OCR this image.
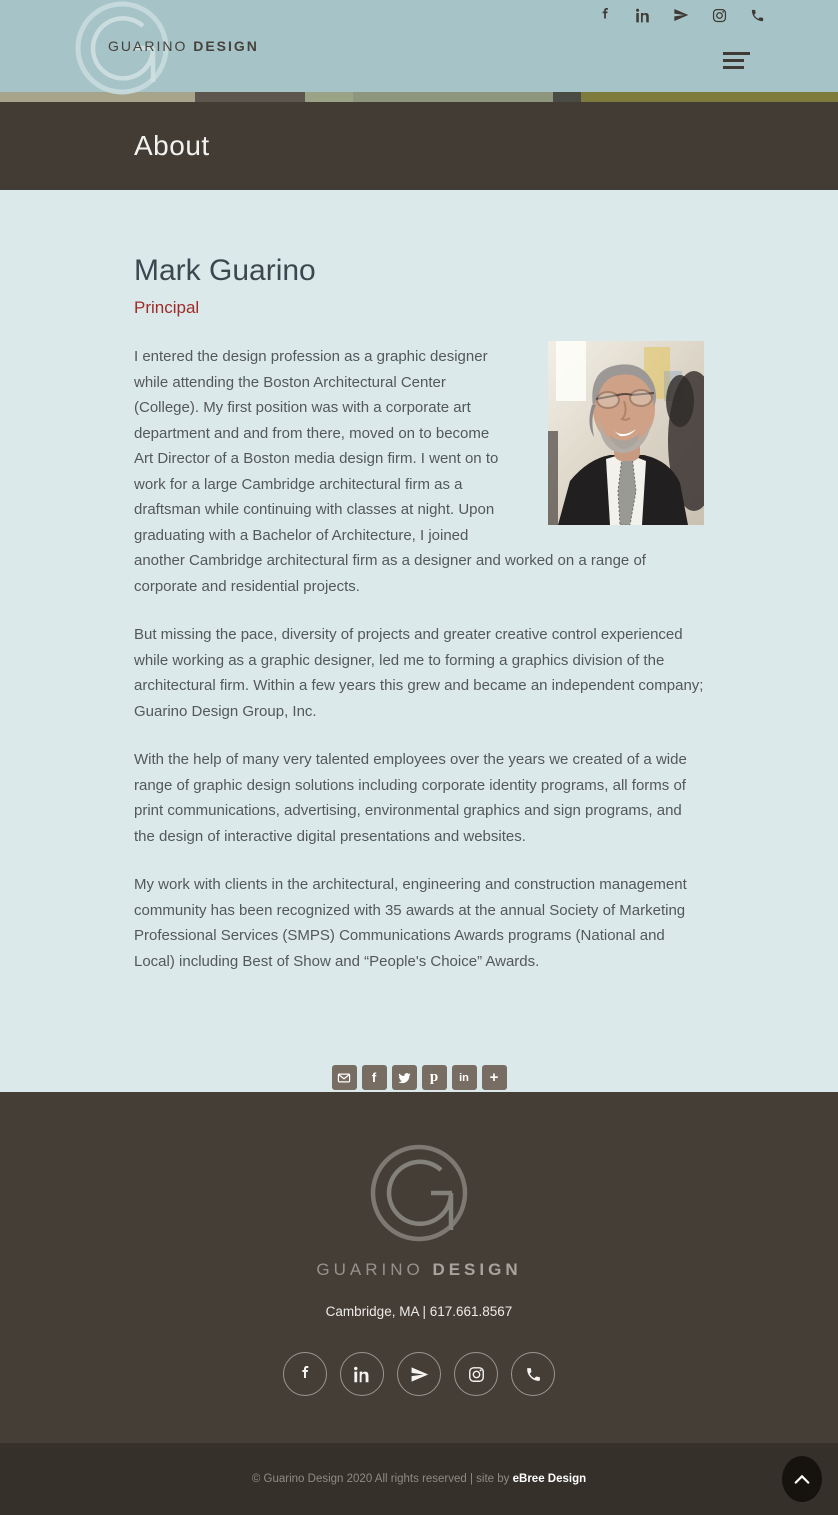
GUARINO DESIGN
About
Mark Guarino
Principal

I entered the design profession as a graphic designer while attending the Boston Architectural Center (College). My first position was with a corporate art department and and from there, moved on to become Art Director of a Boston media design firm. I went on to work for a large Cambridge architectural firm as a draftsman while continuing with classes at night. Upon graduating with a Bachelor of Architecture, I joined another Cambridge architectural firm as a designer and worked on a range of corporate and residential projects.

But missing the pace, diversity of projects and greater creative control experienced while working as a graphic designer, led me to forming a graphics division of the architectural firm. Within a few years this grew and became an independent company; Guarino Design Group, Inc.

With the help of many very talented employees over the years we created of a wide range of graphic design solutions including corporate identity programs, all forms of print communications, advertising, environmental graphics and sign programs, and the design of interactive digital presentations and websites.

My work with clients in the architectural, engineering and construction management community has been recognized with 35 awards at the annual Society of Marketing Professional Services (SMPS) Communications Awards programs (National and Local) including Best of Show and “People's Choice” Awards.

f	p in +
GUARINO DESIGN
Cambridge, MA | 617.661.8567
© Guarino Design 2020 All rights reserved | site by eBree Design
